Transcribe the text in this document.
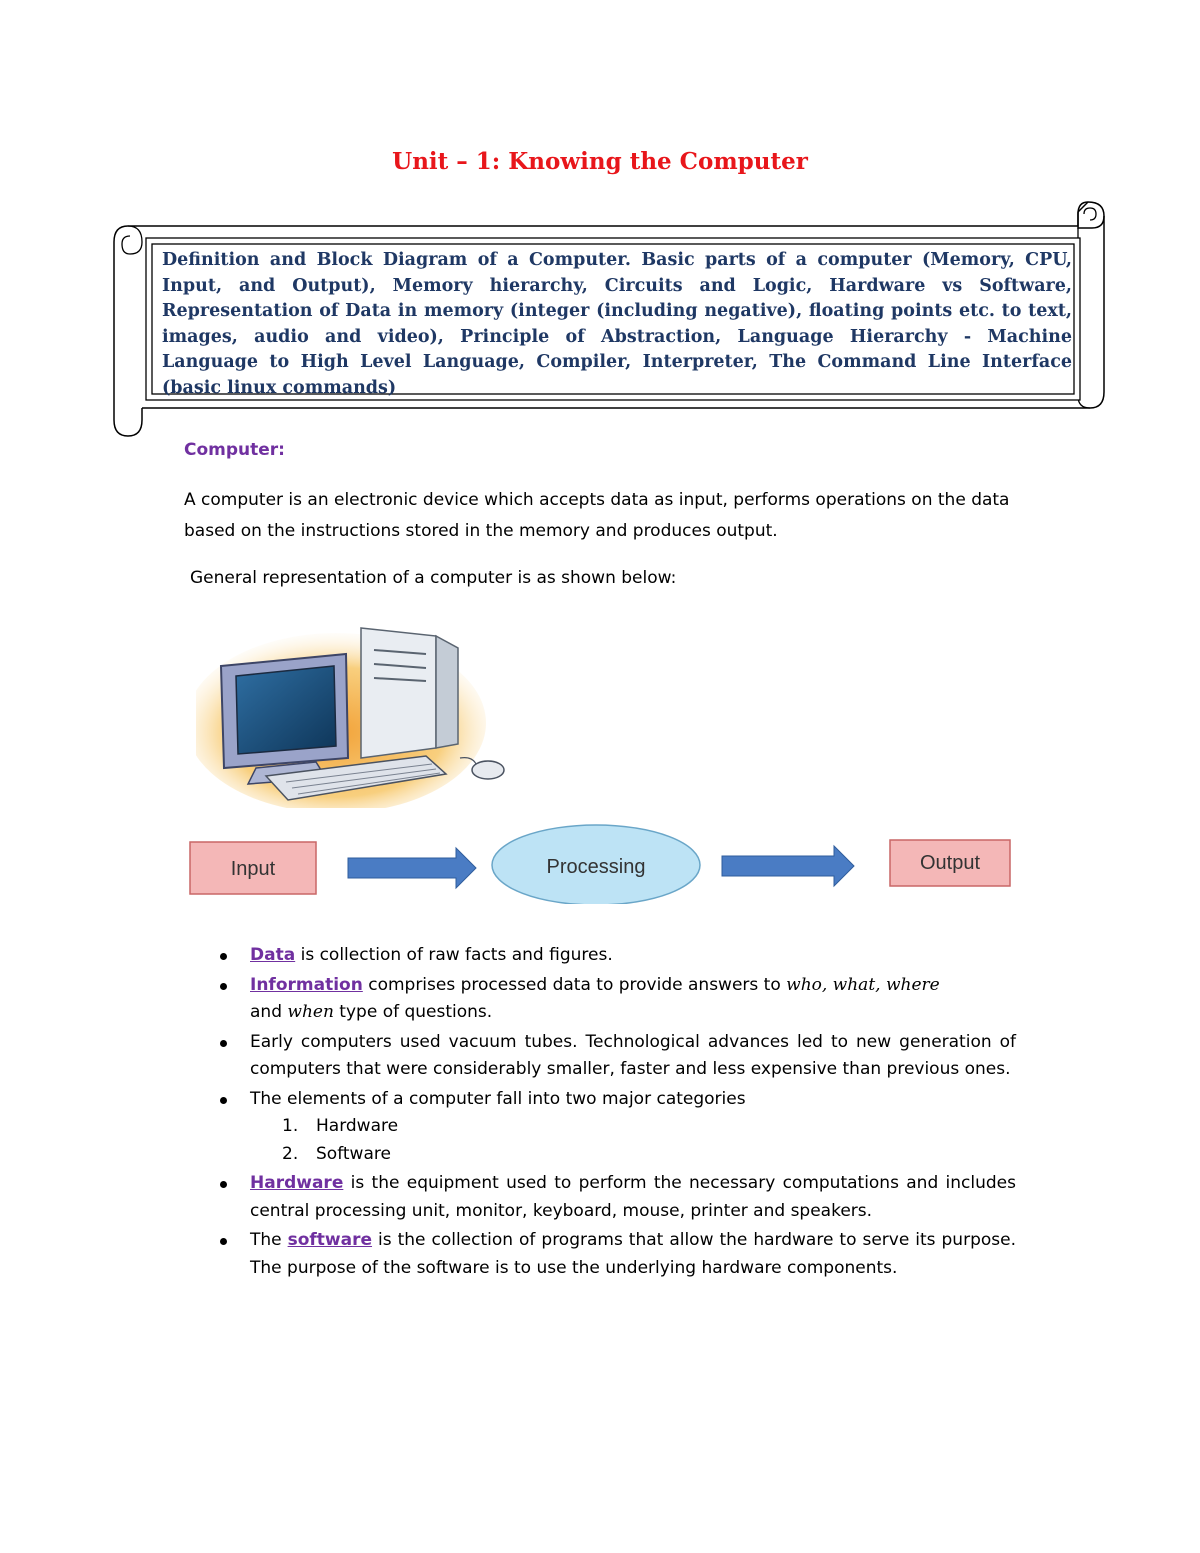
Unit – 1: Knowing the Computer
Definition and Block Diagram of a Computer. Basic parts of a computer (Memory, CPU, Input, and Output), Memory hierarchy, Circuits and Logic, Hardware vs Software, Representation of Data in memory (integer (including negative), floating points etc. to text, images, audio and video), Principle of Abstraction, Language Hierarchy - Machine Language to High Level Language, Compiler, Interpreter, The Command Line Interface (basic linux commands)
Computer:
A computer is an electronic device which accepts data as input, performs operations on the data based on the instructions stored in the memory and produces output.
General representation of a computer is as shown below:
Input	Processing	Output
Data is collection of raw facts and figures.
Information comprises processed data to provide answers to who, what, where
and when type of questions.
Early computers used vacuum tubes. Technological advances led to new generation of computers that were considerably smaller, faster and less expensive than previous ones.
The elements of a computer fall into two major categories
1. Hardware
2. Software
Hardware is the equipment used to perform the necessary computations and includes central processing unit, monitor, keyboard, mouse, printer and speakers.
The software is the collection of programs that allow the hardware to serve its purpose. The purpose of the software is to use the underlying hardware components.
